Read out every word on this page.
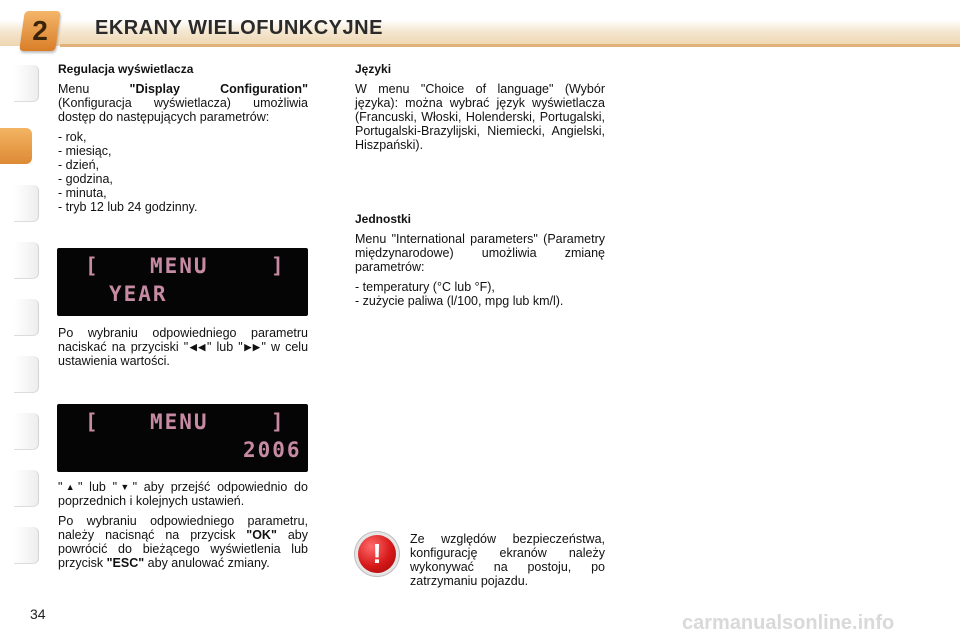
2	EKRANY WIELOFUNKCYJNE

Regulacja wyświetlacza

Menu "Display Configuration" (Konfiguracja wyświetlacza) umożliwia dostęp do następujących parametrów:

- rok,
- miesiąc,
- dzień,
- godzina,
- minuta,
- tryb 12 lub 24 godzinny.
[ MENU	]
YEAR

Po wybraniu odpowiedniego parametru naciskać na przyciski "◀◀" lub "▶▶" w celu ustawienia wartości.

[ MENU	]
2006

"▲" lub "▼" aby przejść odpowiednio do poprzednich i kolejnych ustawień.

Po wybraniu odpowiedniego parametru, należy nacisnąć na przycisk "OK" aby powrócić do bieżącego wyświetlenia lub przycisk "ESC" aby anulować zmiany.

Języki

W menu "Choice of language" (Wybór języka): można wybrać język wyświetlacza (Francuski, Włoski, Holenderski, Portugalski, Portugalski-Brazylijski, Niemiecki, Angielski, Hiszpański).

Jednostki

Menu "International parameters" (Parametry międzynarodowe) umożliwia zmianę parametrów:

- temperatury (°C lub °F),
- zużycie paliwa (l/100, mpg lub km/l).
!	Ze względów bezpieczeństwa, konfigurację ekranów należy wykonywać na postoju, po zatrzymaniu pojazdu.

34	carmanualsonline.info
